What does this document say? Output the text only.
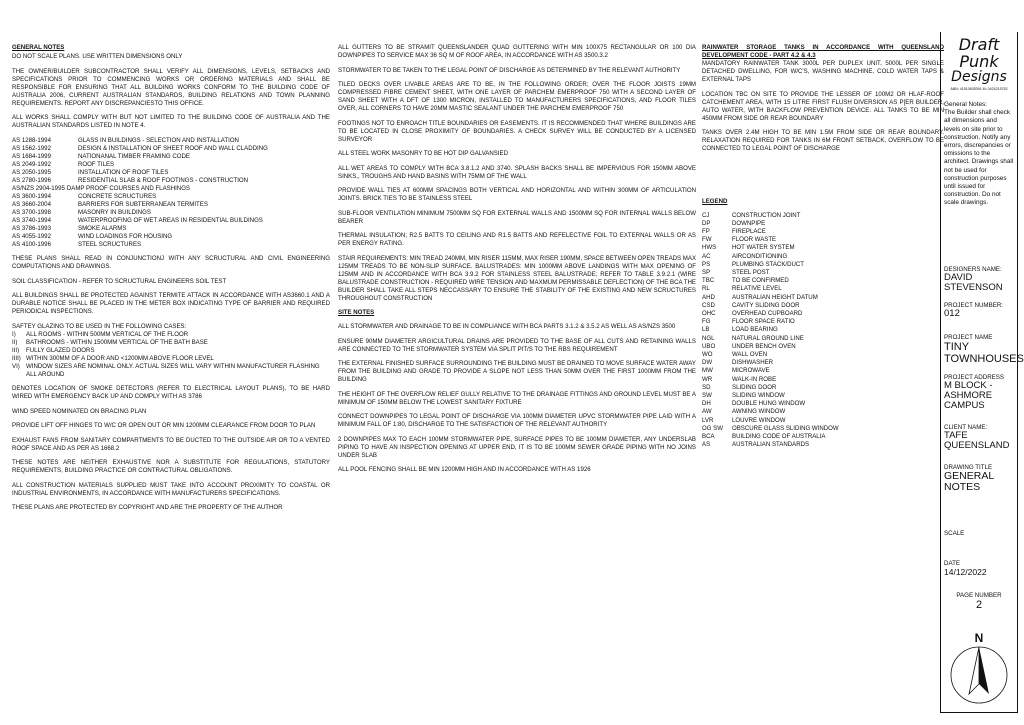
GENERAL NOTES

DO NOT SCALE PLANS. USE WRITTEN DIMENSIONS ONLY

THE OWNER/BUILDER SUBCONTRACTOR SHALL VERIFY ALL DIMENSIONS, LEVELS, SETBACKS AND SPECIFICATIONS PRIOR TO COMMENCING WORKS OR ORDERING MATERIALS AND SHALL BE RESPONSIBLE FOR ENSURING THAT ALL BUILDING WORKS CONFORM TO THE BUILDING CODE OF AUSTRALIA 2006, CURRENT AUSTRALIAN STANDARDS, BUILDING RELATIONS AND TOWN PLANNING REQUIREMENTS. REPORT ANY DISCREPANCIESTO THIS OFFICE.

ALL WORKS SHALL COMPLY WITH BUT NOT LIMITED TO THE BUILDING CODE OF AUSTRALIA AND THE AUSTRALIAN STANDARDS LISTED IN NOTE 4.

AS 1288-1994	GLASS IN BUILDINGS - SELECTION AND INSTALLATION
AS 1562-1992	DESIGN & INSTALLATION OF SHEET ROOF AND WALL CLADDING
AS 1684-1999	NATIONANAL TIMBER FRAMING CODE
AS 2049-1992	ROOF TILES
AS 2050-1995	INSTALLATION OF ROOF TILES
AS 2780-1996	RESIDENTIAL SLAB & ROOF FOOTINGS - CONSTRUCTION
AS/NZS 2904-1995 DAMP PROOF COURSES AND FLASHINGS
AS 3600-1994	CONCRETE SCRUCTURES
AS 3660-2004	BARRIERS FOR SUBTERRANEAN TERMITES
AS 3700-1998	MASONRY IN BUILDINGS
AS 3740-1994	WATERPROOFING OF WET AREAS IN RESIDENTIAL BUILDINGS
AS 3786-1993	SMOKE ALARMS
AS 4055-1992	WIND LOADINGS FOR HOUSING
AS 4100-1996	STEEL SCRUCTURES

THESE PLANS SHALL READ IN CONJUNCTIONJ WITH ANY SCRUCTURAL AND CIVIL ENGINEERING COMPUTATIONS AND DRAWINGS.

SOIL CLASSIFICATION - REFER TO SCRUCTURAL ENGINEERS SOIL TEST

ALL BUILDINGS SHALL BE PROTECTED AGAINST TERMITE ATTACK IN ACCORDANCE WITH AS3660.1 AND A DURABLE NOTICE SHALL BE PLACED IN THE METER BOX INDICATING TYPE OF BARRIER AND REQUIRED PERIODICAL INSPECTIONS.

SAFTEY GLAZING TO BE USED IN THE FOLLOWING CASES:
I)	ALL ROOMS - WITHIN 500MM VERTICAL OF THE FLOOR
II)	BATHROOMS - WITHIN 1500MM VERTICAL OF THE BATH BASE
III)	FULLY GLAZED DOORS
IIII) WITHIN 300MM OF A DOOR AND <1200MM ABOVE FLOOR LEVEL
VI)	WINDOW SIZES ARE NOMINAL ONLY. ACTUAL SIZES WILL VARY WITHIN MANUFACTURER FLASHING ALL AROUND

DENOTES LOCATION OF SMOKE DETECTORS (REFER TO ELECTRICAL LAYOUT PLANS), TO BE HARD WIRED WITH EMERGENCY BACK UP AND COMPLY WITH AS 3786

WIND SPEED NOMINATED ON BRACING PLAN

PROVIDE LIFT OFF HINGES TO W/C OR OPEN OUT OR MIN 1200MM CLEARANCE FROM DOOR TO PLAN

EXHAUST FANS FROM SANITARY COMPARTMENTS TO BE DUCTED TO THE OUTSIDE AIR OR TO A VENTED ROOF SPACE AND AS PER AS 1668.2

THESE NOTES ARE NEITHER EXHAUSTIVE NOR A SUBSTITUTE FOR REGULATIONS, STATUTORY REQUIREMENTS, BUILDING PRACTICE OR CONTRACTURAL OBLIGATIONS.

ALL CONSTRUCTION MATERIALS SUPPLIED MUST TAKE INTO ACCOUNT PROXIMITY TO COASTAL OR INDUSTRIAL ENVIRONMENTS, IN ACCORDANCE WITH MANUFACTURERS SPECIFICATIONS.

THESE PLANS ARE PROTECTED BY COPYRIGHT AND ARE THE PROPERTY OF THE AUTHOR

ALL GUTTERS TO BE STRAMIT QUEENSLANDER QUAD GUTTERING WITH MIN 100X75 RECTANGULAR OR 100 DIA DOWNPIPES TO SERVICE MAX 36 SQ M OF ROOF AREA, IN ACCORDANCE WITH AS 3500.3.2

STORMWATER TO BE TAKEN TO THE LEGAL POINT OF DISCHARGE AS DETERMINED BY THE RELEVANT AUTHORITY

TILED DECKS OVER LIVABLE AREAS ARE TO BE, IN THE FOLLOWING ORDER; OVER THE FLOOR JOISTS 19MM COMPRESSED FIBRE CEMENT SHEET, WITH ONE LAYER OF PARCHEM EMERPROOF 750 WITH A SECOND LAYER OF SAND SHEET WITH A DFT OF 1300 MICRON, INSTALLED TO MANUFACTURERS SPECIFICATIONS, AND FLOOR TILES OVER, ALL CORNERS TO HAVE 20MM MASTIC SEALANT UNDER THE PARCHEM EMERPROOF 750

FOOTINGS NOT TO ENROACH TITLE BOUNDARIES OR EASEMENTS. IT IS RECOMMENDED THAT WHERE BUILDINGS ARE TO BE LOCATED IN CLOSE PROXIMITY OF BOUNDARIES. A CHECK SURVEY WILL BE CONDUCTED BY A LICENSED SURVEYOR

ALL STEEL WORK MASONRY TO BE HOT DIP GALVANSIED

ALL WET AREAS TO COMPLY WITH BCA 3.8.1.2 AND 3740. SPLASH BACKS SHALL BE IMPERVIOUS FOR 150MM ABOVE SINKS,, TROUGHS AND HAND BASINS WITH 75MM OF THE WALL

PROVIDE WALL TIES AT 600MM SPACINGS BOTH VERTICAL AND HORIZONTAL AND WITHIN 300MM OF ARTICULATION JOINTS. BRICK TIES TO BE STAINLESS STEEL

SUB-FLOOR VENTILATION MINIMUM 7500MM SQ FOR EXTERNAL WALLS AND 1500MM SQ FOR INTERNAL WALLS BELOW BEARER

THERMAL INSULATION; R2.5 BATTS TO CEILING AND R1.5 BATTS AND REFELECTIVE FOIL TO EXTERNAL WALLS OR AS PER ENERGY RATING.

STAIR REQUIREMENTS: MIN TREAD 240MM, MIN RISER 115MM, MAX RISER 190MM, SPACE BETWEEN OPEN TREADS MAX 125MM TREADS TO BE NON-SLIP SURFACE. BALUSTRADES: MIN 1000MM ABOVE LANDINGS WITH MAX OPENING OF 125MM AND IN ACCORDANCE WITH BCA 3.9.2 FOR STAINLESS STEEL BALUSTRADE; REFER TO TABLE 3.9.2.1 (WIRE BALUSTRADE CONSTRUCTION - REQUIRED WIRE TENSION AND MAXMUM PERMISSABLE DEFLECTION) OF THE BCA THE BUILDER SHALL TAKE ALL STEPS NECCASSARY TO ENSURE THE STABILITY OF THE EXISTING AND NEW SCRUCTURES THROUGHOUT CONSTRUCTION

SITE NOTES

ALL STORMWATER AND DRAINAGE TO BE IN COMPLIANCE WITH BCA PARTS 3.1.2 & 3.5.2 AS WELL AS AS/NZS 3500

ENSURE 90MM DIAMETER ARGICULTURAL DRAINS ARE PROVIDED TO THE BASE OF ALL CUTS AND RETAINING WALLS ARE CONNECTED TO THE STORMWATER SYSTEM VIA SPLIT PIT/S TO THE RBS REQUIREMENT

THE EXTERNAL FINISHED SURFACE SURROUNDING THE BUILDING MUST BE DRAINED TO MOVE SURFACE WATER AWAY FROM THE BUILDING AND GRADE TO PROVIDE A SLOPE NOT LESS THAN 50MM OVER THE FIRST 1000MM FROM THE BUILDING

THE HEIGHT OF THE OVERFLOW RELIEF GULLY RELATIVE TO THE DRAINAGE FITTINGS AND GROUND LEVEL MUST BE A MINIMUM OF 150MM BELOW THE LOWEST SANITARY FIXTURE

CONNECT DOWNPIPES TO LEGAL POINT OF DISCHARGE VIA 100MM DIAMETER UPVC STORMWATER PIPE LAID WITH A MINIMUM FALL OF 1:80, DISCHARGE TO THE SATISFACTION OF THE RELEVANT AUTHORITY

2 DOWNPIPES MAX TO EACH 100MM STORMWATER PIPE, SURFACE PIPES TO BE 100MM DIAMETER, ANY UNDERSLAB PIPING TO HAVE AN INSPECTION OPENING AT UPPER END, IT IS TO BE 100MM SEWER GRADE PIPING WITH NO JOINS UNDER SLAB

ALL POOL FENCING SHALL BE MIN 1200MM HIGH AND IN ACCORDANCE WITH AS 1926

RAINWATER STORAGE TANKS IN ACCORDANCE WITH QUEENSLAND DEVELOPMENT CODE - PART 4.2 & 4.3

MANDATORY RAINWATER TANK 3000L PER DUPLEX UNIT, 5000L PER SINGLE DETACHED DWELLING, FOR W/C'S, WASHING MACHINE, COLD WATER TAPS & EXTERNAL TAPS

LOCATION TBC ON SITE TO PROVIDE THE LESSER OF 100M2 OR HLAF-ROOF CATCHEMENT AREA, WITH 15 LITRE FIRST FLUSH DIVERSION AS P[ER BUILDER, AUTO WATER, WITH BACKFLOW PREVENTION DEVICE. ALL TANKS TO BE MIN 450MM FROM SIDE OR REAR BOUNDARY

TANKS OVER 2.4M HIGH TO BE MIN 1.5M FROM SIDE OR REAR BOUNDARY. RELAXATION REQUIRED FOR TANKS IN 6M FRONT SETBACK, OVERFLOW TO BE CONNECTED TO LEGAL POINT OF DISCHARGE

LEGEND

CJ	CONSTRUCTION JOINT
DP	DOWNPIPE
FP	FIREPLACE
FW	FLOOR WASTE
HWS	HOT WATER SYSTEM
AC	AIRCONDITIONING
PS	PLUMBING STACK/DUCT
SP	STEEL POST
TBC	TO BE CONFIRMED
RL	RELATIVE LEVEL
AHD	AUSTRALIAN HEIGHT DATUM
CSD	CAVITY SLIDING DOOR
OHC	OVERHEAD CUPBOARD
FG	FLOOR SPACE RATIO
LB	LOAD BEARING
NGL	NATURAL GROUND LINE
UBO	UNDER BENCH OVEN
WO	WALL OVEN
DW	DISHWASHER
MW	MICROWAVE
WR	WALK-IN ROBE
SD	SLIDING DOOR
SW	SLIDING WINDOW
DH	DOUBLE HUNG WINDOW
AW	AWNING WINDOW
LVR	LOUVRE WINDOW
OG SW	OBSCURE GLASS SLIDING WINDOW
BCA	BUILDING CODE OF AUSTRALIA
AS	AUSTRALIAN STANDARDS
Draft Punk
Designs
ABN: 41510635391 M: 0424215752
General Notes:
The Builder shall check all dimensions and levels on site prior to construction. Notify any errors, discrepancies or omissions to the architect. Drawings shall not be used for construction purposes until issued for construction. Do not scale drawings.
DESIGNERS NAME:
DAVID STEVENSON
PROJECT NUMBER:
012
PROJECT NAME
TINY TOWNHOUSES
PROJECT ADDRESS
M BLOCK - ASHMORE CAMPUS
CLIENT NAME:
TAFE QUEENSLAND
DRAWING TITLE
GENERAL NOTES
SCALE
DATE
14/12/2022
PAGE NUMBER
2
N
